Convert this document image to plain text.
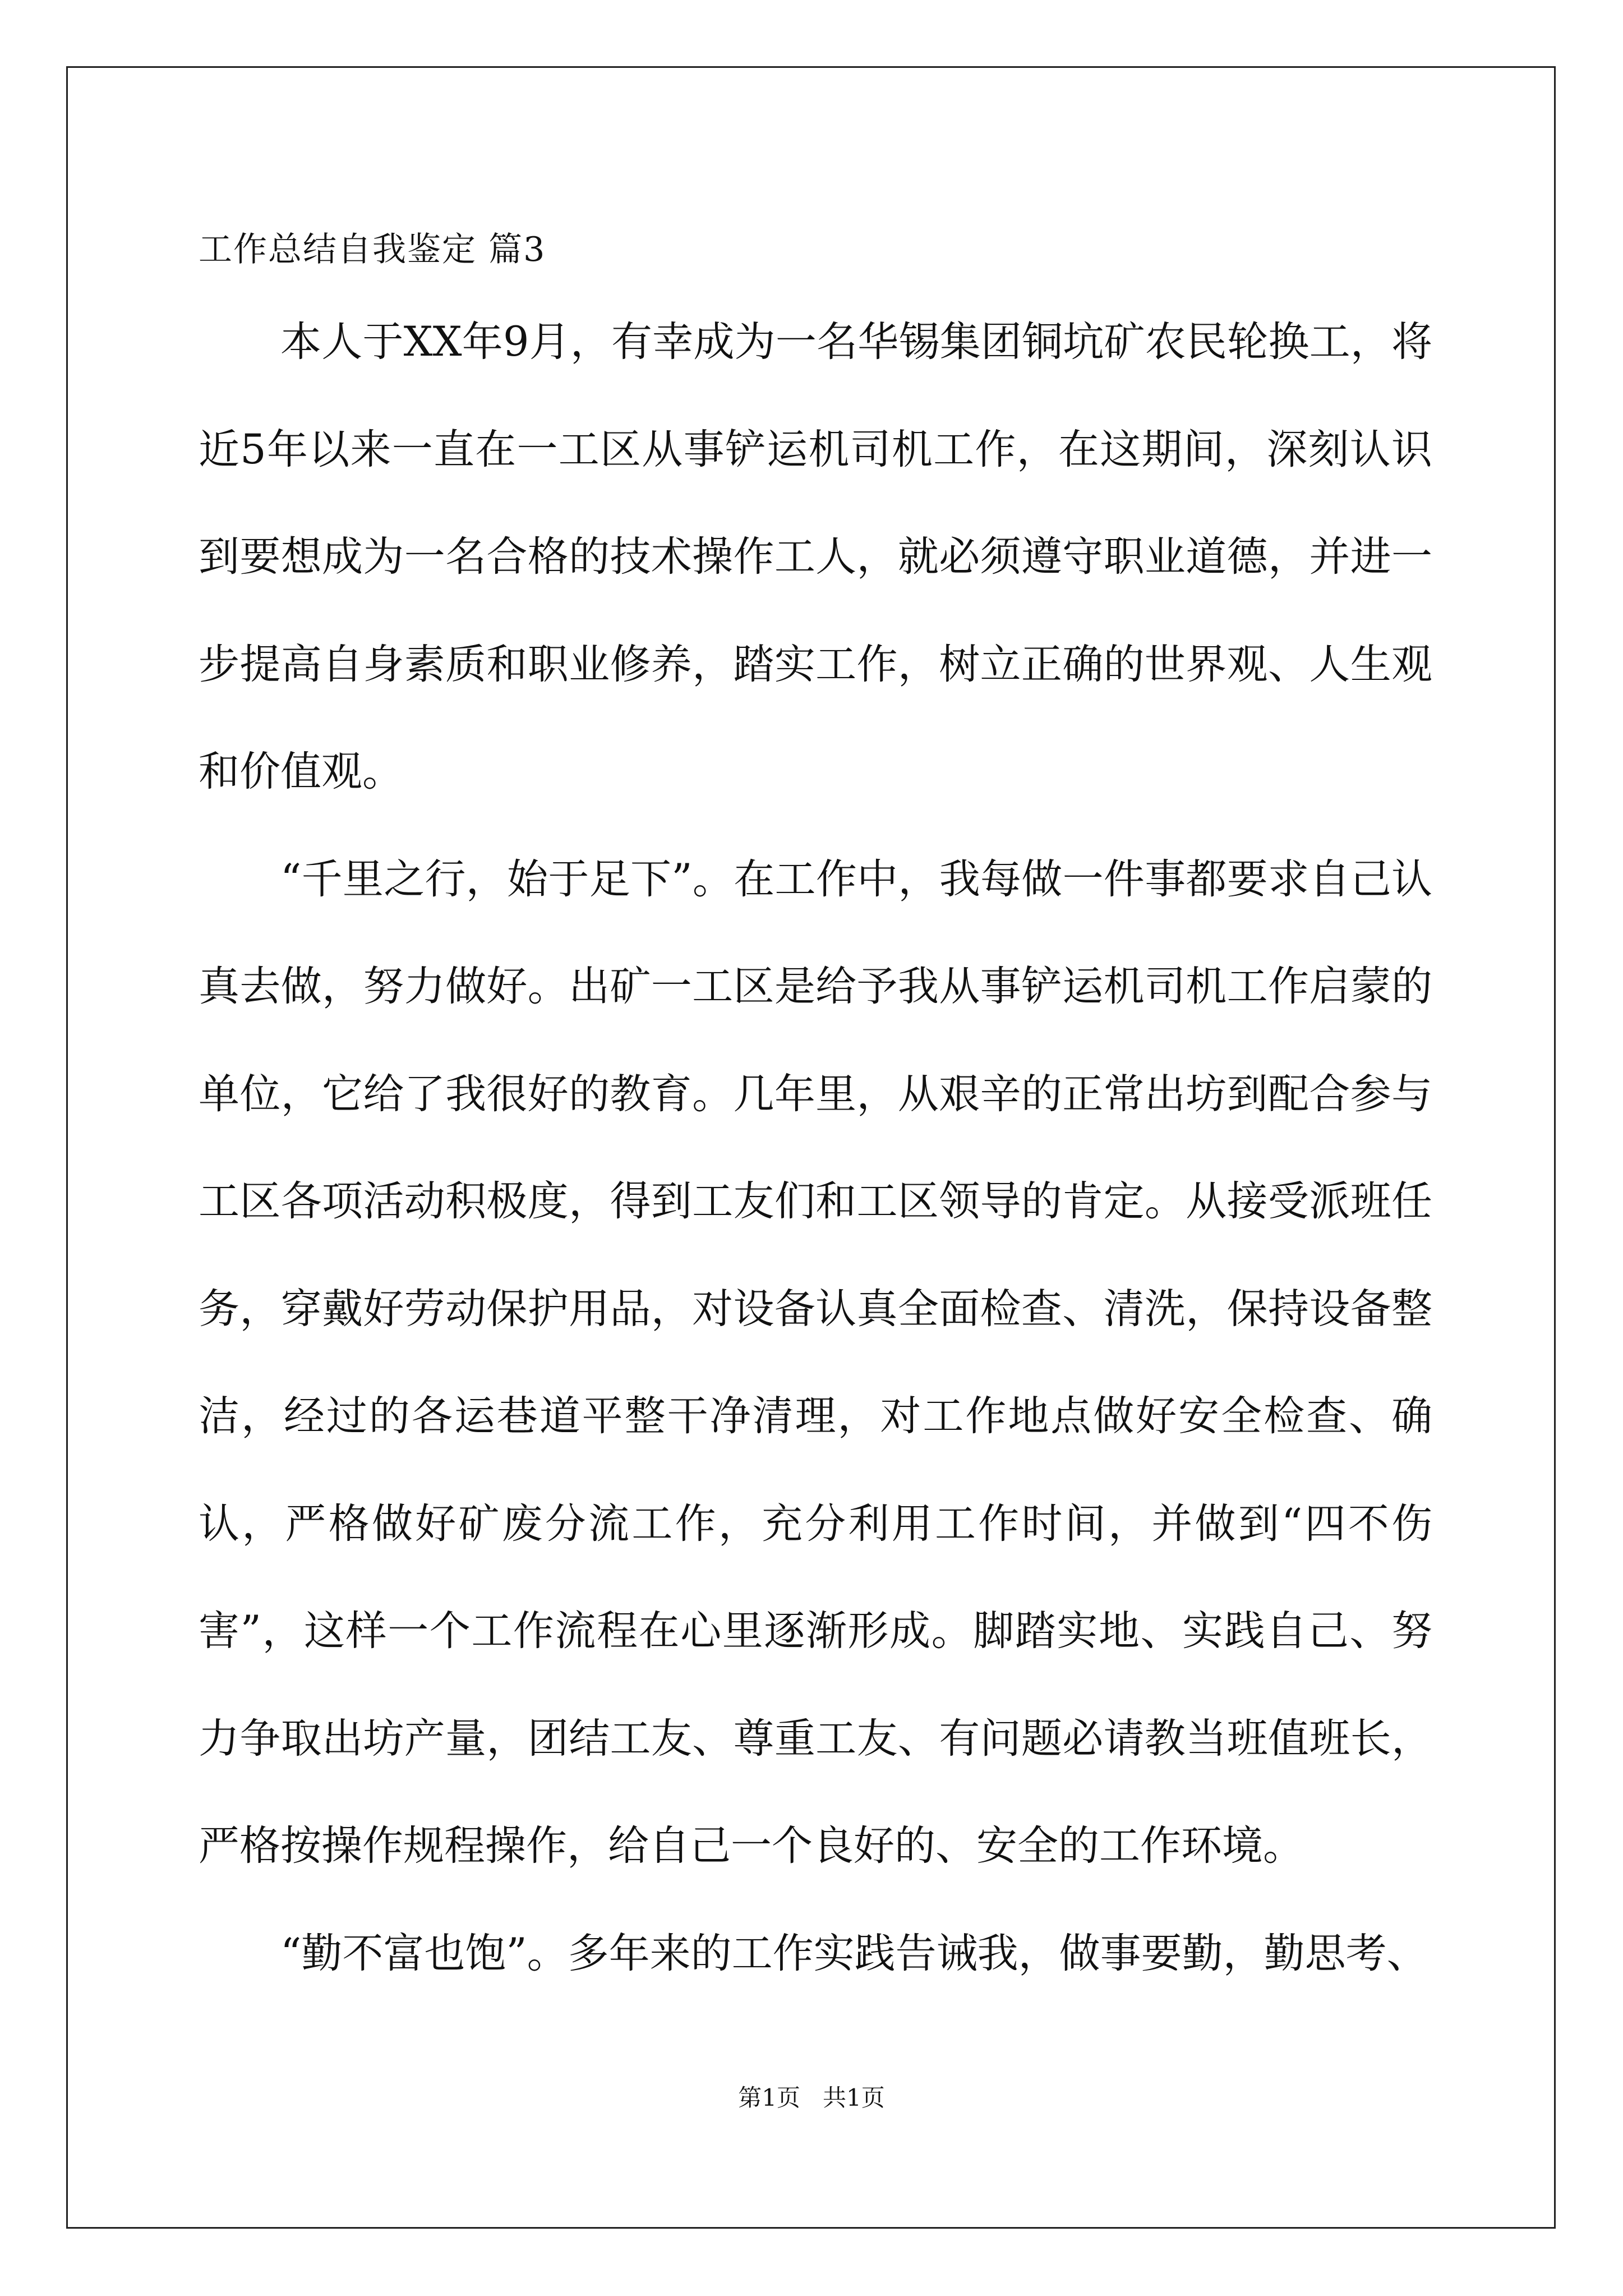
工作总结自我鉴定 篇3

本人于XX年9月，有幸成为一名华锡集团铜坑矿农民轮换工，将近5年以来一直在一工区从事铲运机司机工作，在这期间，深刻认识到要想成为一名合格的技术操作工人，就必须遵守职业道德，并进一步提高自身素质和职业修养，踏实工作，树立正确的世界观、人生观和价值观。

“千里之行，始于足下”。在工作中，我每做一件事都要求自己认真去做，努力做好。出矿一工区是给予我从事铲运机司机工作启蒙的单位，它给了我很好的教育。几年里，从艰辛的正常出坊到配合参与工区各项活动积极度，得到工友们和工区领导的肯定。从接受派班任务，穿戴好劳动保护用品，对设备认真全面检查、清洗，保持设备整洁，经过的各运巷道平整干净清理，对工作地点做好安全检查、确认，严格做好矿废分流工作，充分利用工作时间，并做到“四不伤害”，这样一个工作流程在心里逐渐形成。脚踏实地、实践自己、努力争取出坊产量，团结工友、尊重工友、有问题必请教当班值班长，严格按操作规程操作，给自己一个良好的、安全的工作环境。

“勤不富也饱”。多年来的工作实践告诫我，做事要勤，勤思考、

第1页 共1页
